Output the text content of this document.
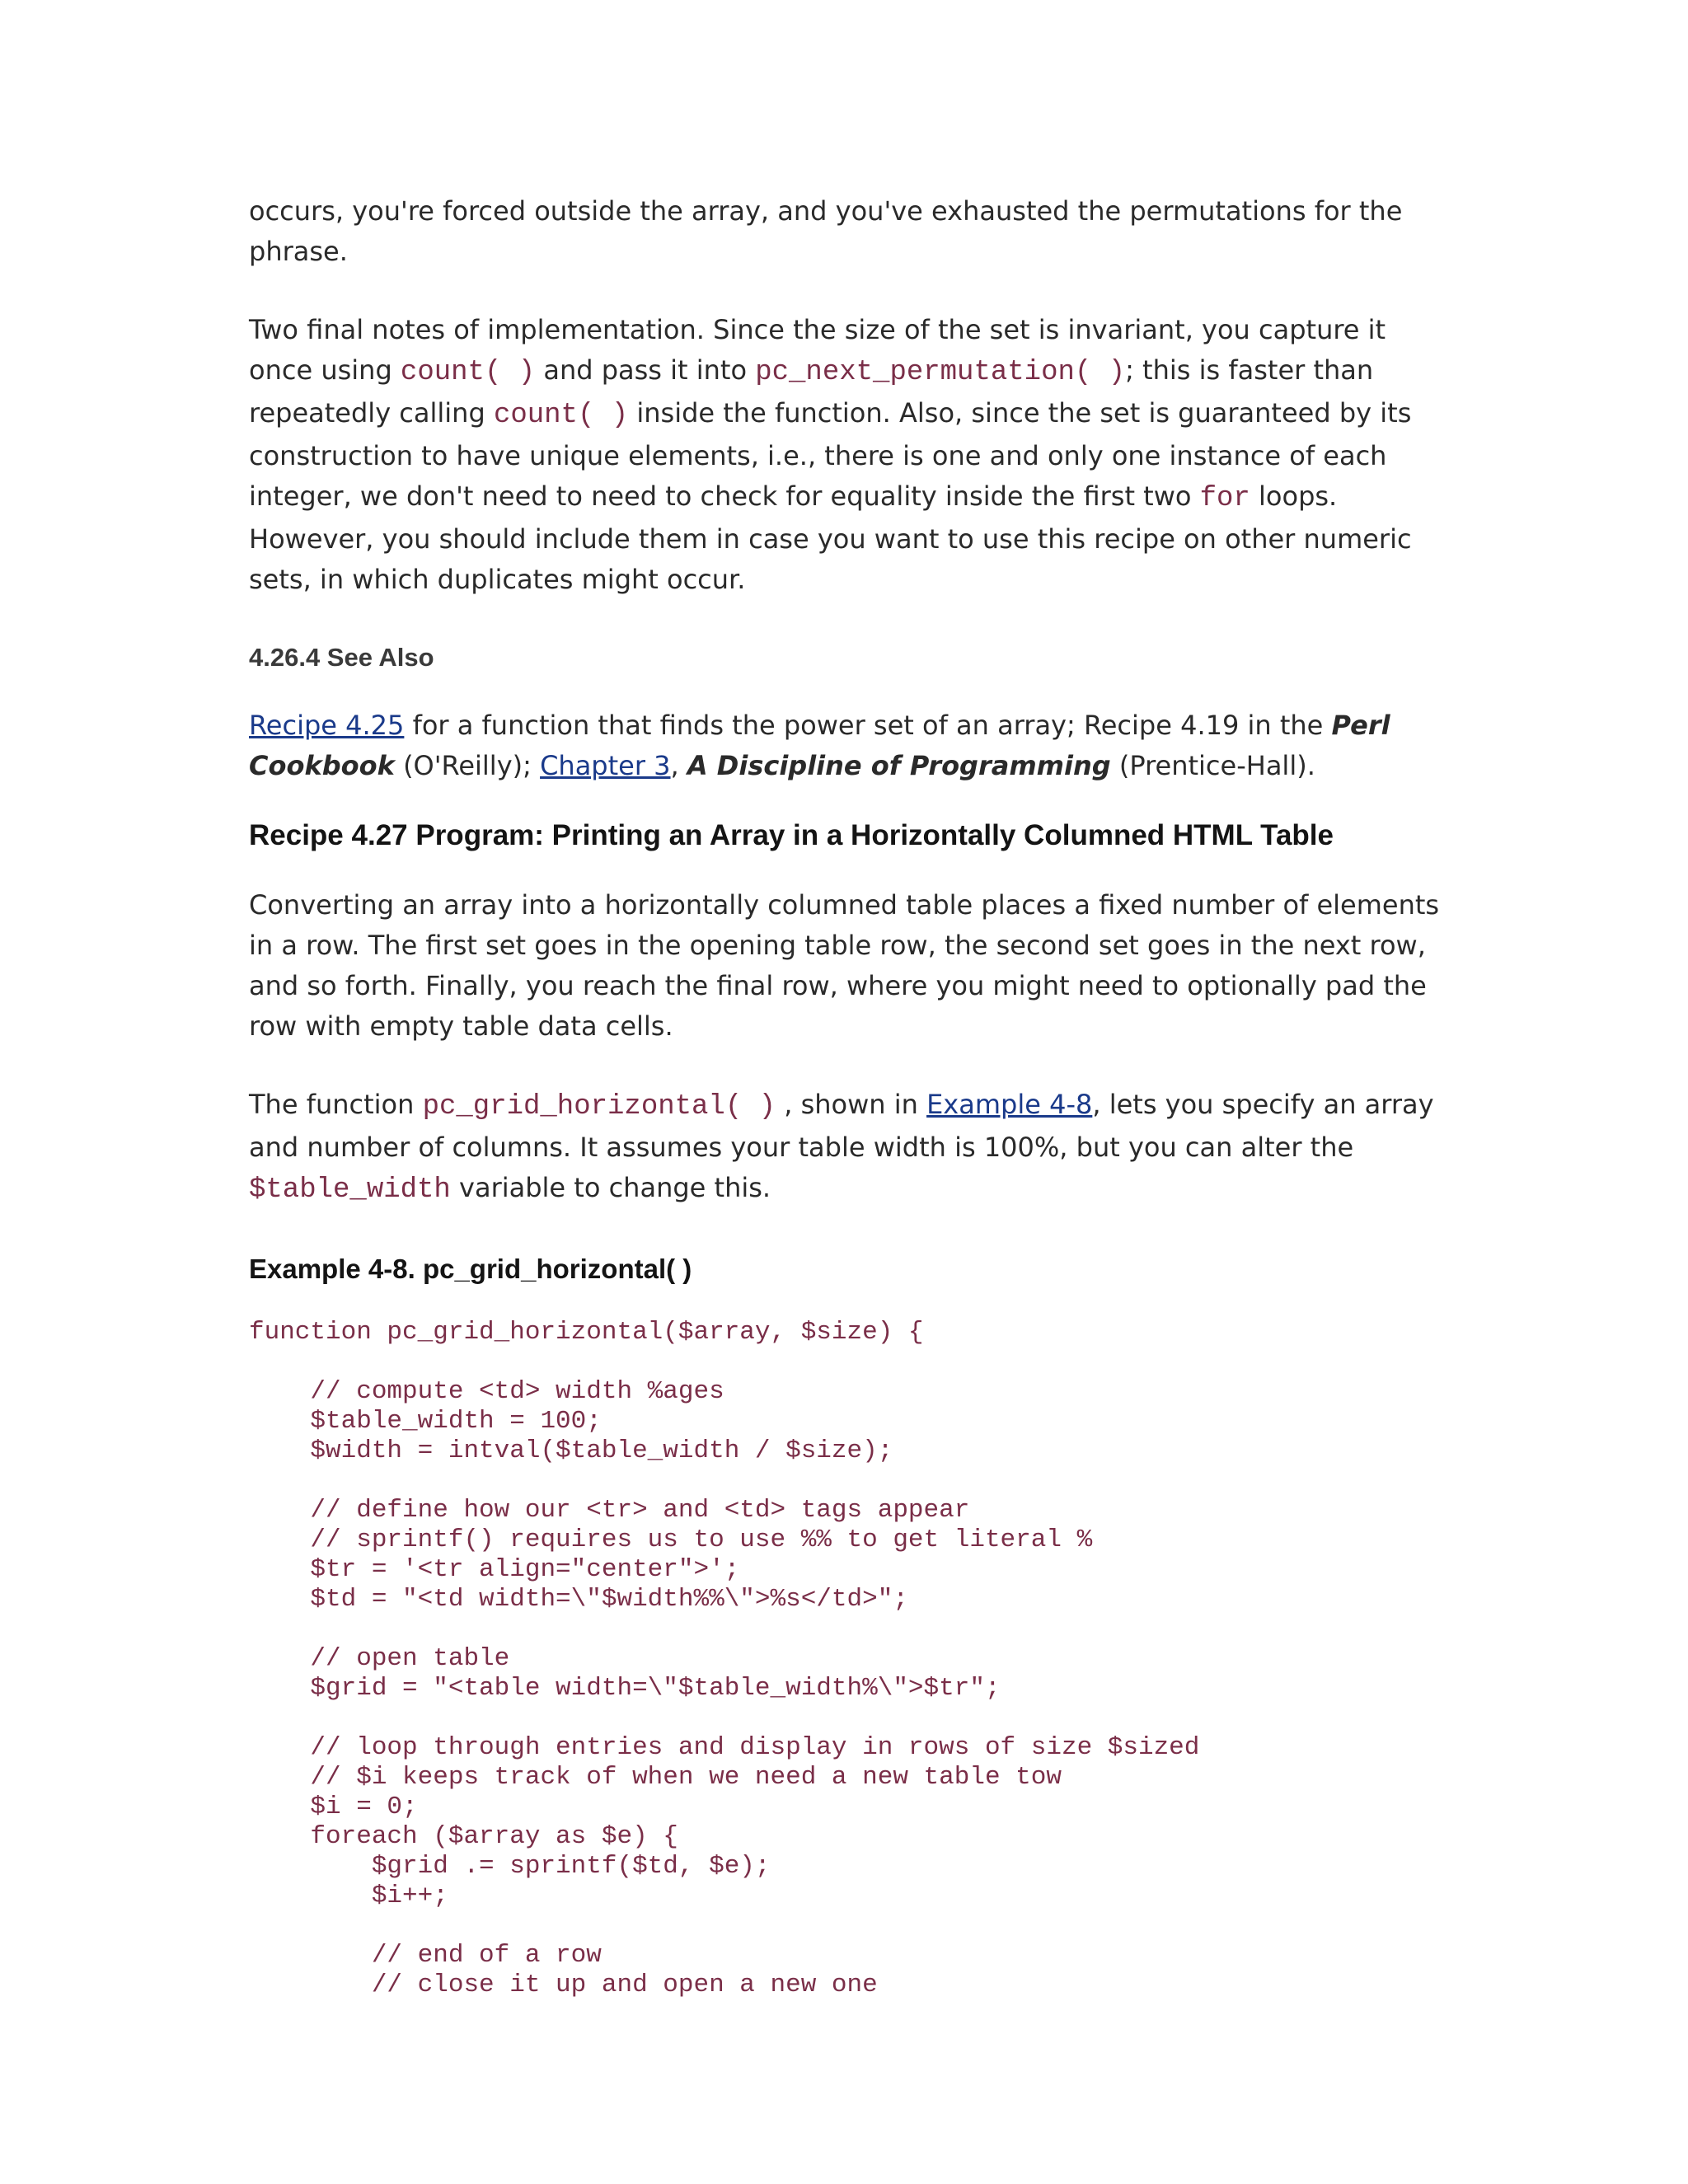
occurs, you're forced outside the array, and you've exhausted the permutations for the phrase.

Two final notes of implementation. Since the size of the set is invariant, you capture it once using count( ) and pass it into pc_next_permutation( ); this is faster than repeatedly calling count( ) inside the function. Also, since the set is guaranteed by its construction to have unique elements, i.e., there is one and only one instance of each integer, we don't need to need to check for equality inside the first two for loops. However, you should include them in case you want to use this recipe on other numeric sets, in which duplicates might occur.

4.26.4 See Also

Recipe 4.25 for a function that finds the power set of an array; Recipe 4.19 in the Perl Cookbook (O'Reilly); Chapter 3, A Discipline of Programming (Prentice-Hall).

Recipe 4.27 Program: Printing an Array in a Horizontally Columned HTML Table

Converting an array into a horizontally columned table places a fixed number of elements in a row. The first set goes in the opening table row, the second set goes in the next row, and so forth. Finally, you reach the final row, where you might need to optionally pad the row with empty table data cells.

The function pc_grid_horizontal( ) , shown in Example 4-8, lets you specify an array and number of columns. It assumes your table width is 100%, but you can alter the $table_width variable to change this.

Example 4-8. pc_grid_horizontal( )
function pc_grid_horizontal($array, $size) {

// compute <td> width %ages
$table_width = 100;
$width = intval($table_width / $size);

// define how our <tr> and <td> tags appear
// sprintf() requires us to use %% to get literal %
$tr = '<tr align="center">';
$td = "<td width=\"$width%%\">%s</td>";

// open table
$grid = "<table width=\"$table_width%\">$tr";

// loop through entries and display in rows of size $sized
// $i keeps track of when we need a new table tow
$i = 0;
foreach ($array as $e) {
$grid .= sprintf($td, $e);
$i++;

// end of a row
// close it up and open a new one
